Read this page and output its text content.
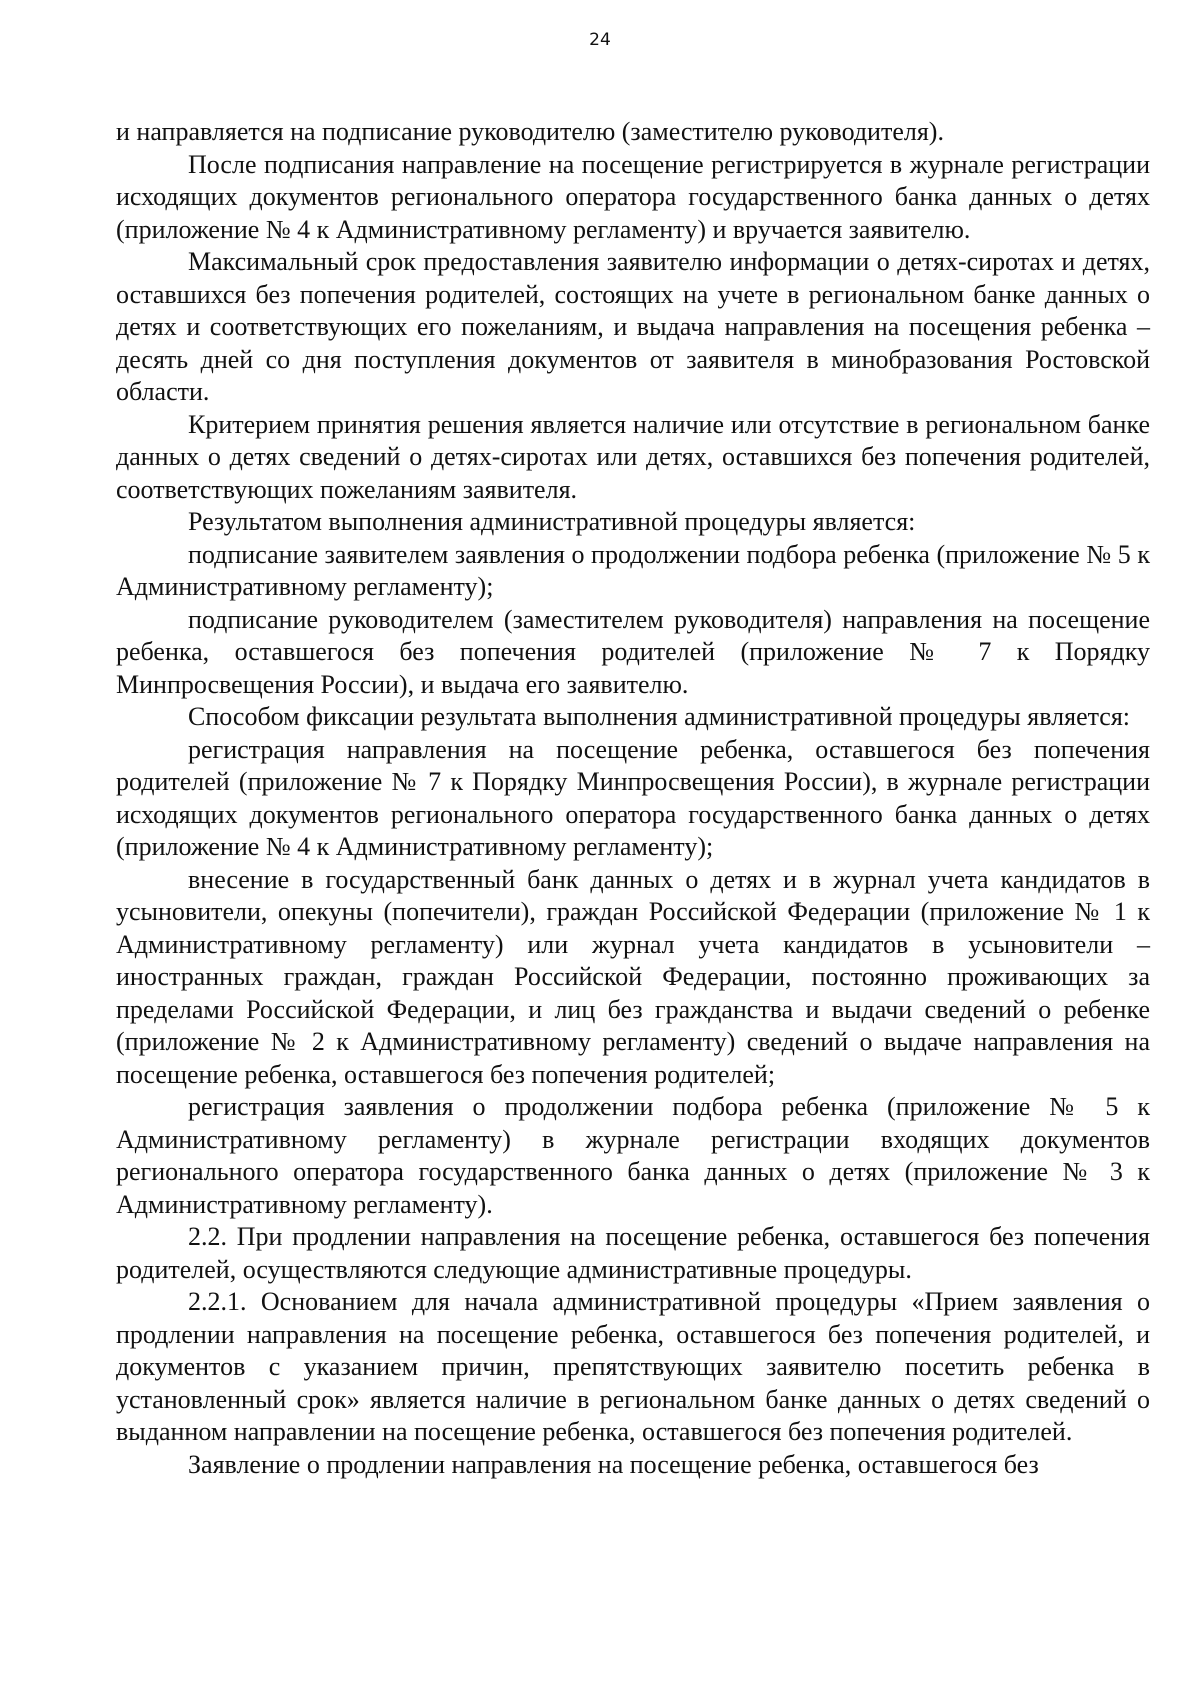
24

и направляется на подписание руководителю (заместителю руководителя).

После подписания направление на посещение регистрируется в журнале регистрации исходящих документов регионального оператора государственного банка данных о детях (приложение № 4 к Административному регламенту) и вручается заявителю.

Максимальный срок предоставления заявителю информации о детях-сиротах и детях, оставшихся без попечения родителей, состоящих на учете в региональном банке данных о детях и соответствующих его пожеланиям, и выдача направления на посещения ребенка – десять дней со дня поступления документов от заявителя в минобразования Ростовской области.

Критерием принятия решения является наличие или отсутствие в региональном банке данных о детях сведений о детях-сиротах или детях, оставшихся без попечения родителей, соответствующих пожеланиям заявителя.

Результатом выполнения административной процедуры является:

подписание заявителем заявления о продолжении подбора ребенка (приложение № 5 к Административному регламенту);

подписание руководителем (заместителем руководителя) направления на посещение ребенка, оставшегося без попечения родителей (приложение № 7 к Порядку Минпросвещения России), и выдача его заявителю.

Способом фиксации результата выполнения административной процедуры является:

регистрация направления на посещение ребенка, оставшегося без попечения родителей (приложение № 7 к Порядку Минпросвещения России), в журнале регистрации исходящих документов регионального оператора государственного банка данных о детях (приложение № 4 к Административному регламенту);

внесение в государственный банк данных о детях и в журнал учета кандидатов в усыновители, опекуны (попечители), граждан Российской Федерации (приложение № 1 к Административному регламенту) или журнал учета кандидатов в усыновители – иностранных граждан, граждан Российской Федерации, постоянно проживающих за пределами Российской Федерации, и лиц без гражданства и выдачи сведений о ребенке (приложение № 2 к Административному регламенту) сведений о выдаче направления на посещение ребенка, оставшегося без попечения родителей;

регистрация заявления о продолжении подбора ребенка (приложение № 5 к Административному регламенту) в журнале регистрации входящих документов регионального оператора государственного банка данных о детях (приложение № 3 к Административному регламенту).

2.2. При продлении направления на посещение ребенка, оставшегося без попечения родителей, осуществляются следующие административные процедуры.

2.2.1. Основанием для начала административной процедуры «Прием заявления о продлении направления на посещение ребенка, оставшегося без попечения родителей, и документов с указанием причин, препятствующих заявителю посетить ребенка в установленный срок» является наличие в региональном банке данных о детях сведений о выданном направлении на посещение ребенка, оставшегося без попечения родителей.

Заявление о продлении направления на посещение ребенка, оставшегося без
